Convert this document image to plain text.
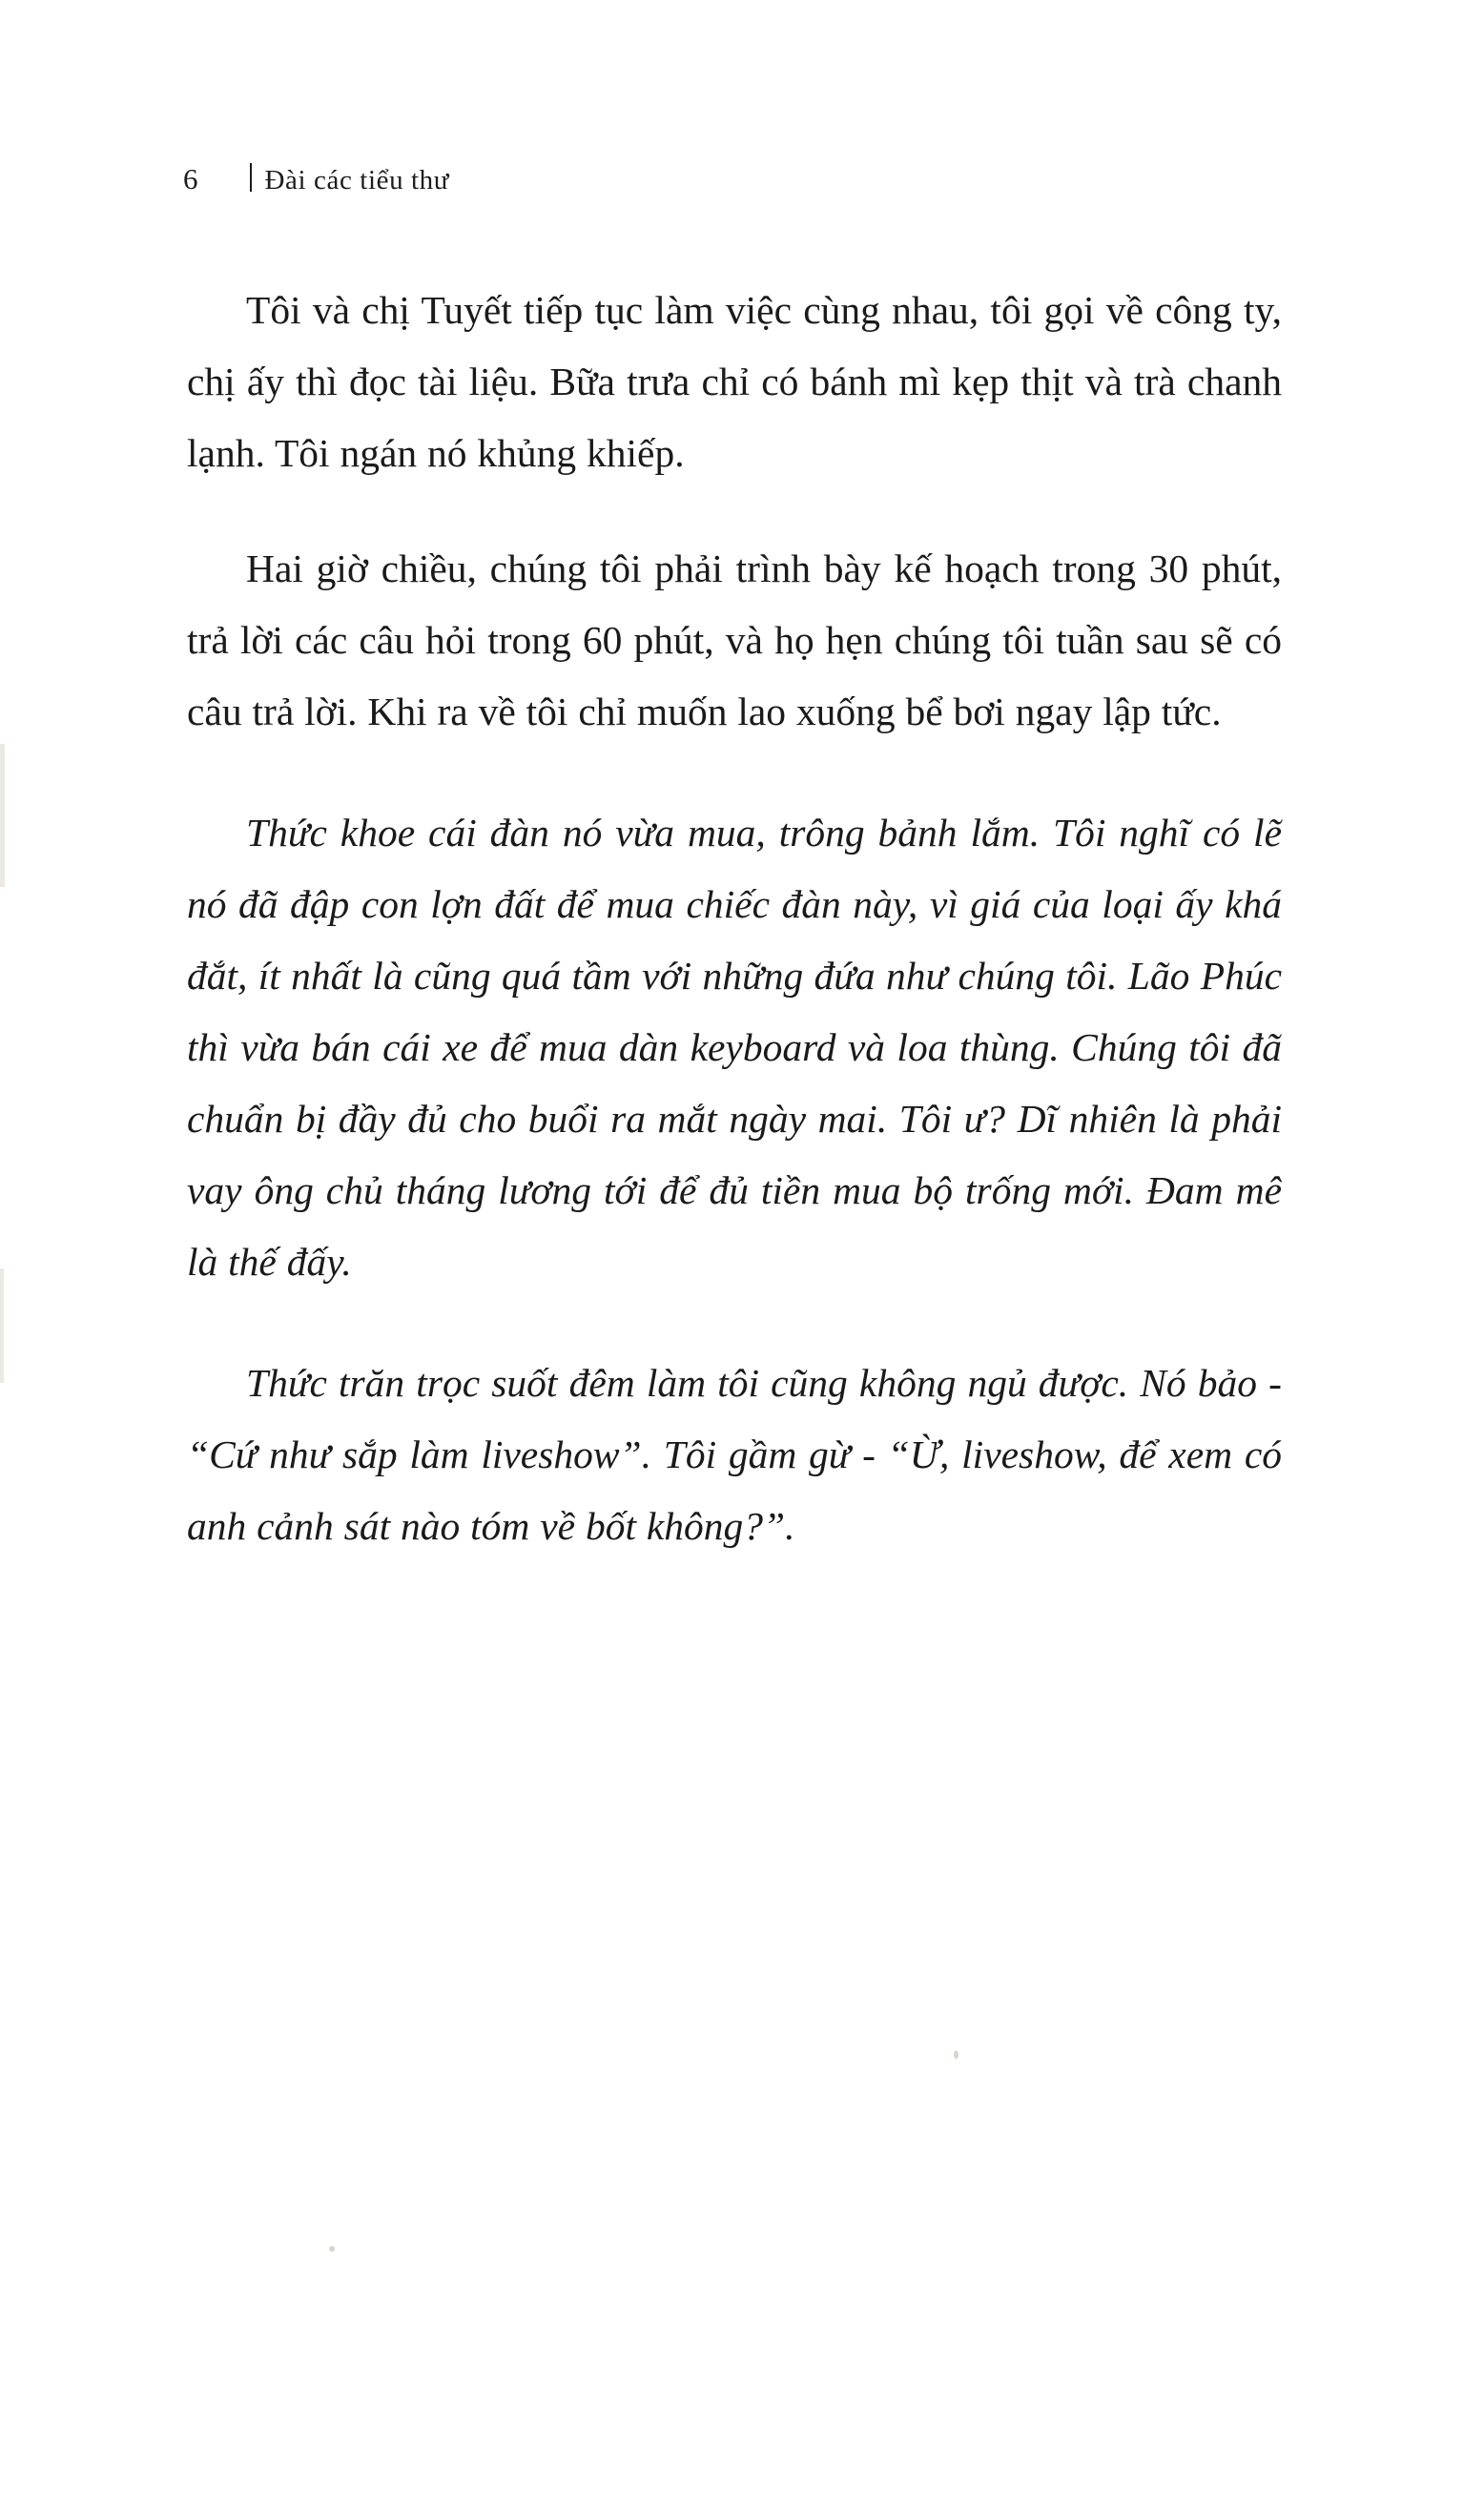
6 Đài các tiểu thư

Tôi và chị Tuyết tiếp tục làm việc cùng nhau, tôi gọi về công ty, chị ấy thì đọc tài liệu. Bữa trưa chỉ có bánh mì kẹp thịt và trà chanh lạnh. Tôi ngán nó khủng khiếp.

Hai giờ chiều, chúng tôi phải trình bày kế hoạch trong 30 phút, trả lời các câu hỏi trong 60 phút, và họ hẹn chúng tôi tuần sau sẽ có câu trả lời. Khi ra về tôi chỉ muốn lao xuống bể bơi ngay lập tức.

Thức khoe cái đàn nó vừa mua, trông bảnh lắm. Tôi nghĩ có lẽ nó đã đập con lợn đất để mua chiếc đàn này, vì giá của loại ấy khá đắt, ít nhất là cũng quá tầm với những đứa như chúng tôi. Lão Phúc thì vừa bán cái xe để mua dàn keyboard và loa thùng. Chúng tôi đã chuẩn bị đầy đủ cho buổi ra mắt ngày mai. Tôi ư? Dĩ nhiên là phải vay ông chủ tháng lương tới để đủ tiền mua bộ trống mới. Đam mê là thế đấy.

Thức trăn trọc suốt đêm làm tôi cũng không ngủ được. Nó bảo - “Cứ như sắp làm liveshow”. Tôi gầm gừ - “Ừ, liveshow, để xem có anh cảnh sát nào tóm về bốt không?”.
